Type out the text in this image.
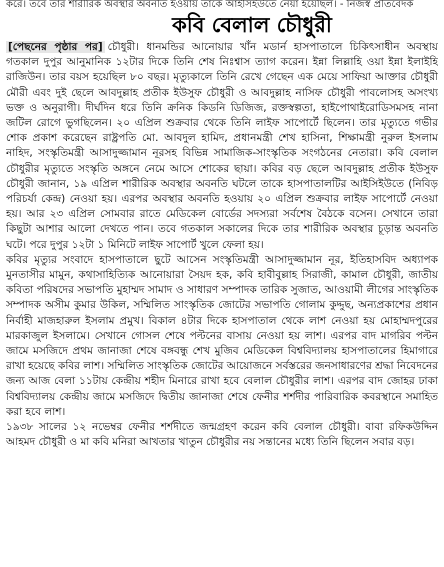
করে। তবে তাঁর শারীরিক অবস্থার অবনতি হওয়ায় তাঁকে আইসিইউতে নেয়া হয়েছিল। - নিজস্ব প্রতিবেদক
কবি বেলাল চৌধুরী

[পেছনের পৃষ্ঠার পর] চৌধুরী। ধানমন্ডির আনোয়ার খাঁন মডার্ন হাসপাতালে চিকিৎসাধীন অবস্থায় গতকাল দুপুর আনুমানিক ১২টার দিকে তিনি শেষ নিঃশ্বাস ত্যাগ করেন। ইন্না লিল্লাহি ওয়া ইন্না ইলাইহি রাজিউন। তার বয়স হয়েছিল ৮০ বছর। মৃত্যুকালে তিনি রেখে গেছেন এক মেয়ে সাফিয়া আক্তার চৌধুরী মৌরী এবং দুই ছেলে আবদুল্লাহ প্রতীক ইউসুফ চৌধুরী ও আবদুল্লাহ নাসিফ চৌধুরী পাবলোসহ অসংখ্য ভক্ত ও অনুরাগী। দীর্ঘদিন ধরে তিনি ক্রনিক কিডনি ডিজিজ, রক্তস্বল্পতা, হাইপোথাইরোডিসমসহ নানা জটিল রোগে ভুগছিলেন। ২০ এপ্রিল শুক্রবার থেকে তিনি লাইফ সাপোর্টে ছিলেন। তার মৃত্যুতে গভীর শোক প্রকাশ করেছেন রাষ্ট্রপতি মো. আবদুল হামিদ, প্রধানমন্ত্রী শেখ হাসিনা, শিক্ষামন্ত্রী নুরুল ইসলাম নাহিদ, সংস্কৃতিমন্ত্রী আসাদুজ্জামান নূরসহ বিভিন্ন সামাজিক-সাংস্কৃতিক সংগঠনের নেতারা। কবি বেলাল চৌধুরীর মৃত্যুতে সংস্কৃতি অঙ্গনে নেমে আসে শোকের ছায়া। কবির বড় ছেলে আবদুল্লাহ প্রতীক ইউসুফ চৌধুরী জানান, ১৯ এপ্রিল শারীরিক অবস্থার অবনতি ঘটলে তাকে হাসপাতালটির আইসিইউতে (নিবিড় পরিচর্যা কেন্দ্র) নেওয়া হয়। এরপর অবস্থার অবনতি হওয়ায় ২০ এপ্রিল শুক্রবার লাইফ সাপোর্টে নেওয়া হয়। আর ২৩ এপ্রিল সোমবার রাতে মেডিকেল বোর্ডের সদস্যরা সর্বশেষ বৈঠকে বসেন। সেখানে তারা কিছুটা আশার আলো দেখতে পান। তবে গতকাল সকালের দিকে তার শারীরিক অবস্থার চূড়ান্ত অবনতি ঘটে। পরে দুপুর ১২টা ১ মিনিটে লাইফ সাপোর্ট খুলে ফেলা হয়।

কবির মৃত্যুর সংবাদে হাসপাতালে ছুটে আসেন সংস্কৃতিমন্ত্রী আসাদুজ্জামান নূর, ইতিহাসবিদ অধ্যাপক মুনতাসীর মামুন, কথাসাহিত্যিক আনোয়ারা সৈয়দ হক, কবি হাবীবুল্লাহ সিরাজী, কামাল চৌধুরী, জাতীয় কবিতা পরিষদের সভাপতি মুহাম্মদ সামাদ ও সাধারণ সম্পাদক তারিক সুজাত, আওয়ামী লীগের সাংস্কৃতিক সম্পাদক অসীম কুমার উকিল, সম্মিলিত সাংস্কৃতিক জোটের সভাপতি গোলাম কুদ্দুছ, অন্যপ্রকাশের প্রধান নির্বাহী মাজহারুল ইসলাম প্রমুখ। বিকাল ৪টার দিকে হাসপাতাল থেকে লাশ নেওয়া হয় মোহাম্মদপুরের মারকাজুল ইসলামে। সেখানে গোসল শেষে পল্টনের বাসায় নেওয়া হয় লাশ। এরপর বাদ মাগরিব পল্টন জামে মসজিদে প্রথম জানাজা শেষে বঙ্গবন্ধু শেখ মুজিব মেডিকেল বিশ্ববিদ্যালয় হাসপাতালের হিমাগারে রাখা হয়েছে কবির লাশ। সম্মিলিত সাংস্কৃতিক জোটের আয়োজনে সর্বস্তরের জনসাধারণের শ্রদ্ধা নিবেদনের জন্য আজ বেলা ১১টায় কেন্দ্রীয় শহীদ মিনারে রাখা হবে বেলাল চৌধুরীর লাশ। এরপর বাদ জোহর ঢাকা বিশ্ববিদ্যালয় কেন্দ্রীয় জামে মসজিদে দ্বিতীয় জানাজা শেষে ফেনীর শর্শদীর পারিবারিক কবরস্থানে সমাহিত করা হবে লাশ।

১৯৩৮ সালের ১২ নভেম্বর ফেনীর শর্শদীতে জন্মগ্রহণ করেন কবি বেলাল চৌধুরী। বাবা রফিকউদ্দিন আহমদ চৌধুরী ও মা কবি মনিরা আখতার খাতুন চৌধুরীর নয় সন্তানের মধ্যে তিনি ছিলেন সবার বড়।
